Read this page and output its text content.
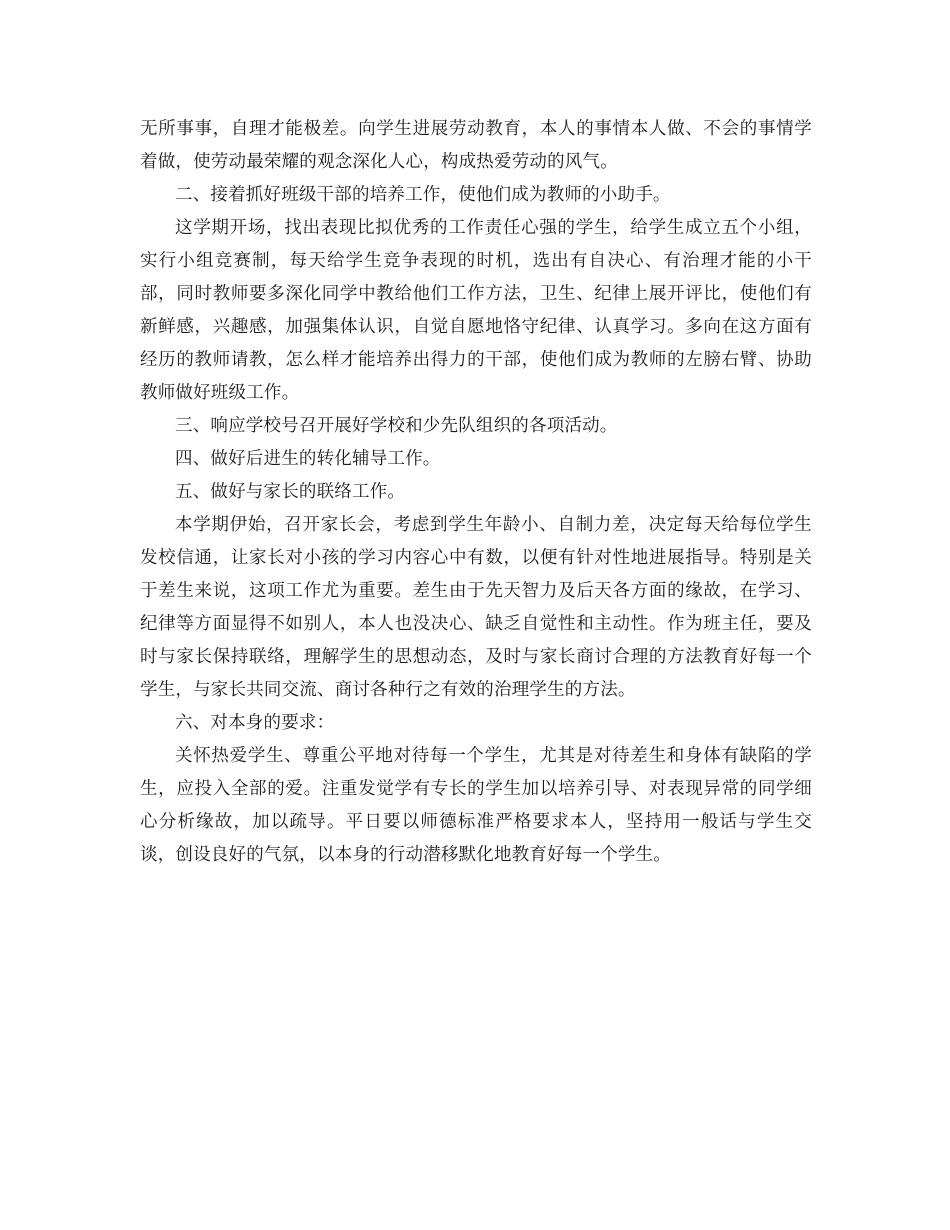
无所事事，自理才能极差。向学生进展劳动教育，本人的事情本人做、不会的事情学着做，使劳动最荣耀的观念深化人心，构成热爱劳动的风气。

二、接着抓好班级干部的培养工作，使他们成为教师的小助手。

这学期开场，找出表现比拟优秀的工作责任心强的学生，给学生成立五个小组，实行小组竞赛制，每天给学生竞争表现的时机，选出有自决心、有治理才能的小干部，同时教师要多深化同学中教给他们工作方法，卫生、纪律上展开评比，使他们有新鲜感，兴趣感，加强集体认识，自觉自愿地恪守纪律、认真学习。多向在这方面有经历的教师请教，怎么样才能培养出得力的干部，使他们成为教师的左膀右臂、协助教师做好班级工作。

三、响应学校号召开展好学校和少先队组织的各项活动。

四、做好后进生的转化辅导工作。

五、做好与家长的联络工作。

本学期伊始，召开家长会，考虑到学生年龄小、自制力差，决定每天给每位学生发校信通，让家长对小孩的学习内容心中有数，以便有针对性地进展指导。特别是关于差生来说，这项工作尤为重要。差生由于先天智力及后天各方面的缘故，在学习、纪律等方面显得不如别人，本人也没决心、缺乏自觉性和主动性。作为班主任，要及时与家长保持联络，理解学生的思想动态，及时与家长商讨合理的方法教育好每一个学生，与家长共同交流、商讨各种行之有效的治理学生的方法。

六、对本身的要求：

关怀热爱学生、尊重公平地对待每一个学生，尤其是对待差生和身体有缺陷的学生，应投入全部的爱。注重发觉学有专长的学生加以培养引导、对表现异常的同学细心分析缘故，加以疏导。平日要以师德标准严格要求本人，坚持用一般话与学生交谈，创设良好的气氛，以本身的行动潜移默化地教育好每一个学生。
